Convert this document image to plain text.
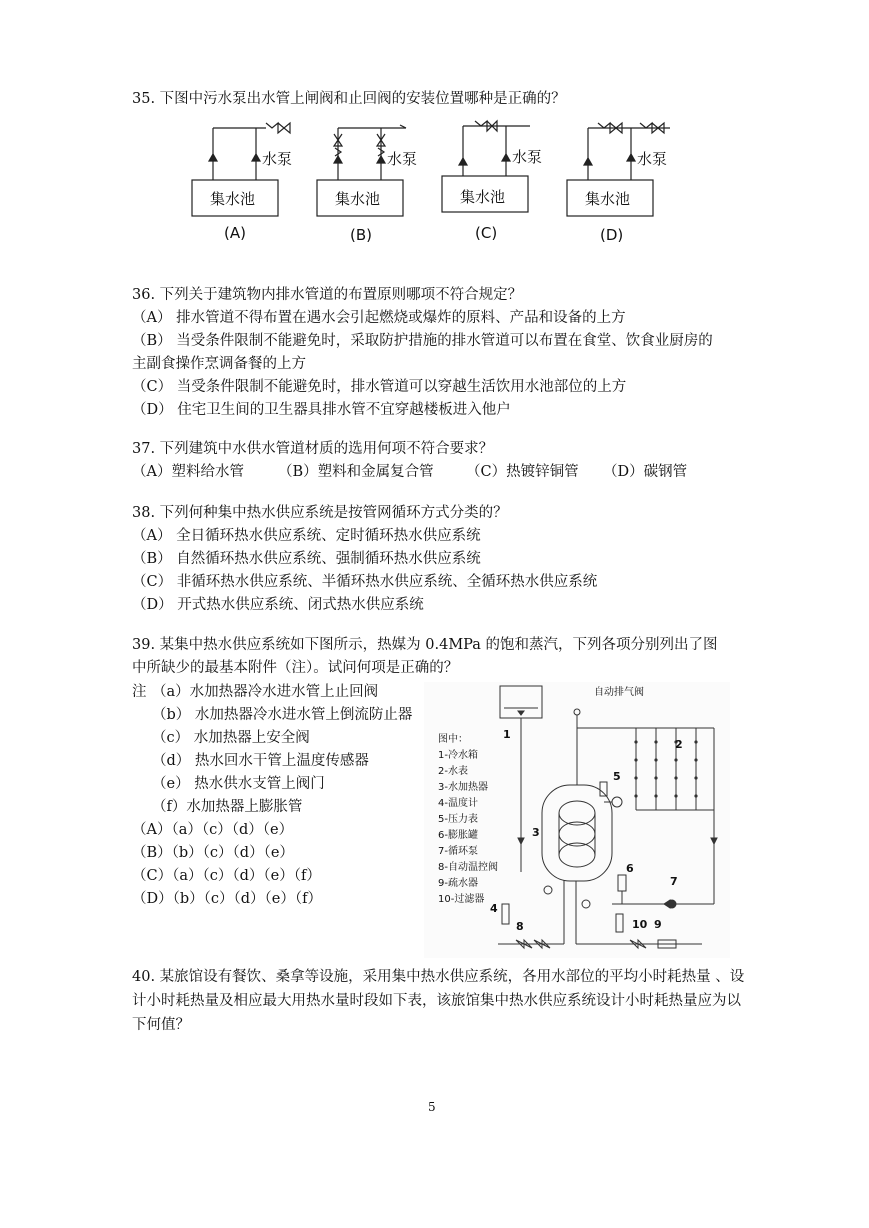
35. 下图中污水泵出水管上闸阀和止回阀的安装位置哪种是正确的？
集水池	集水池	集水池	集水池
水泵	水泵	水泵	水泵
(A)	(B)	(C)	(D)
36. 下列关于建筑物内排水管道的布置原则哪项不符合规定？
（A） 排水管道不得布置在遇水会引起燃烧或爆炸的原料、产品和设备的上方
（B） 当受条件限制不能避免时，采取防护措施的排水管道可以布置在食堂、饮食业厨房的
主副食操作烹调备餐的上方
（C） 当受条件限制不能避免时，排水管道可以穿越生活饮用水池部位的上方
（D） 住宅卫生间的卫生器具排水管不宜穿越楼板进入他户
37. 下列建筑中水供水管道材质的选用何项不符合要求？
（A）塑料给水管 （B）塑料和金属复合管 （C）热镀锌铜管 （D）碳钢管
38. 下列何种集中热水供应系统是按管网循环方式分类的？
（A） 全日循环热水供应系统、定时循环热水供应系统
（B） 自然循环热水供应系统、强制循环热水供应系统
（C） 非循环热水供应系统、半循环热水供应系统、全循环热水供应系统
（D） 开式热水供应系统、闭式热水供应系统
39. 某集中热水供应系统如下图所示，热媒为 0.4MPa 的饱和蒸汽，下列各项分别列出了图
中所缺少的最基本附件（注）。试问何项是正确的？
注 （a）水加热器冷水进水管上止回阀
（b） 水加热器冷水进水管上倒流防止器
（c） 水加热器上安全阀
（d） 热水回水干管上温度传感器
（e） 热水供水支管上阀门
（f）水加热器上膨胀管
（A）（a）（c）（d）（e）
（B）（b）（c）（d）（e）
（C）（a）（c）（d）（e）（f）
（D）（b）（c）（d）（e）（f）
自动排气阀
图中：
1-冷水箱
2-水表
3-水加热器
4-温度计
5-压力表
6-膨胀罐
7-循环泵
8-自动温控阀
9-疏水器
10-过滤器
1
2
3
4
5
6
7
8	9
10
40. 某旅馆设有餐饮、桑拿等设施，采用集中热水供应系统，各用水部位的平均小时耗热量 、设
计小时耗热量及相应最大用热水量时段如下表，该旅馆集中热水供应系统设计小时耗热量应为以
下何值？
5
